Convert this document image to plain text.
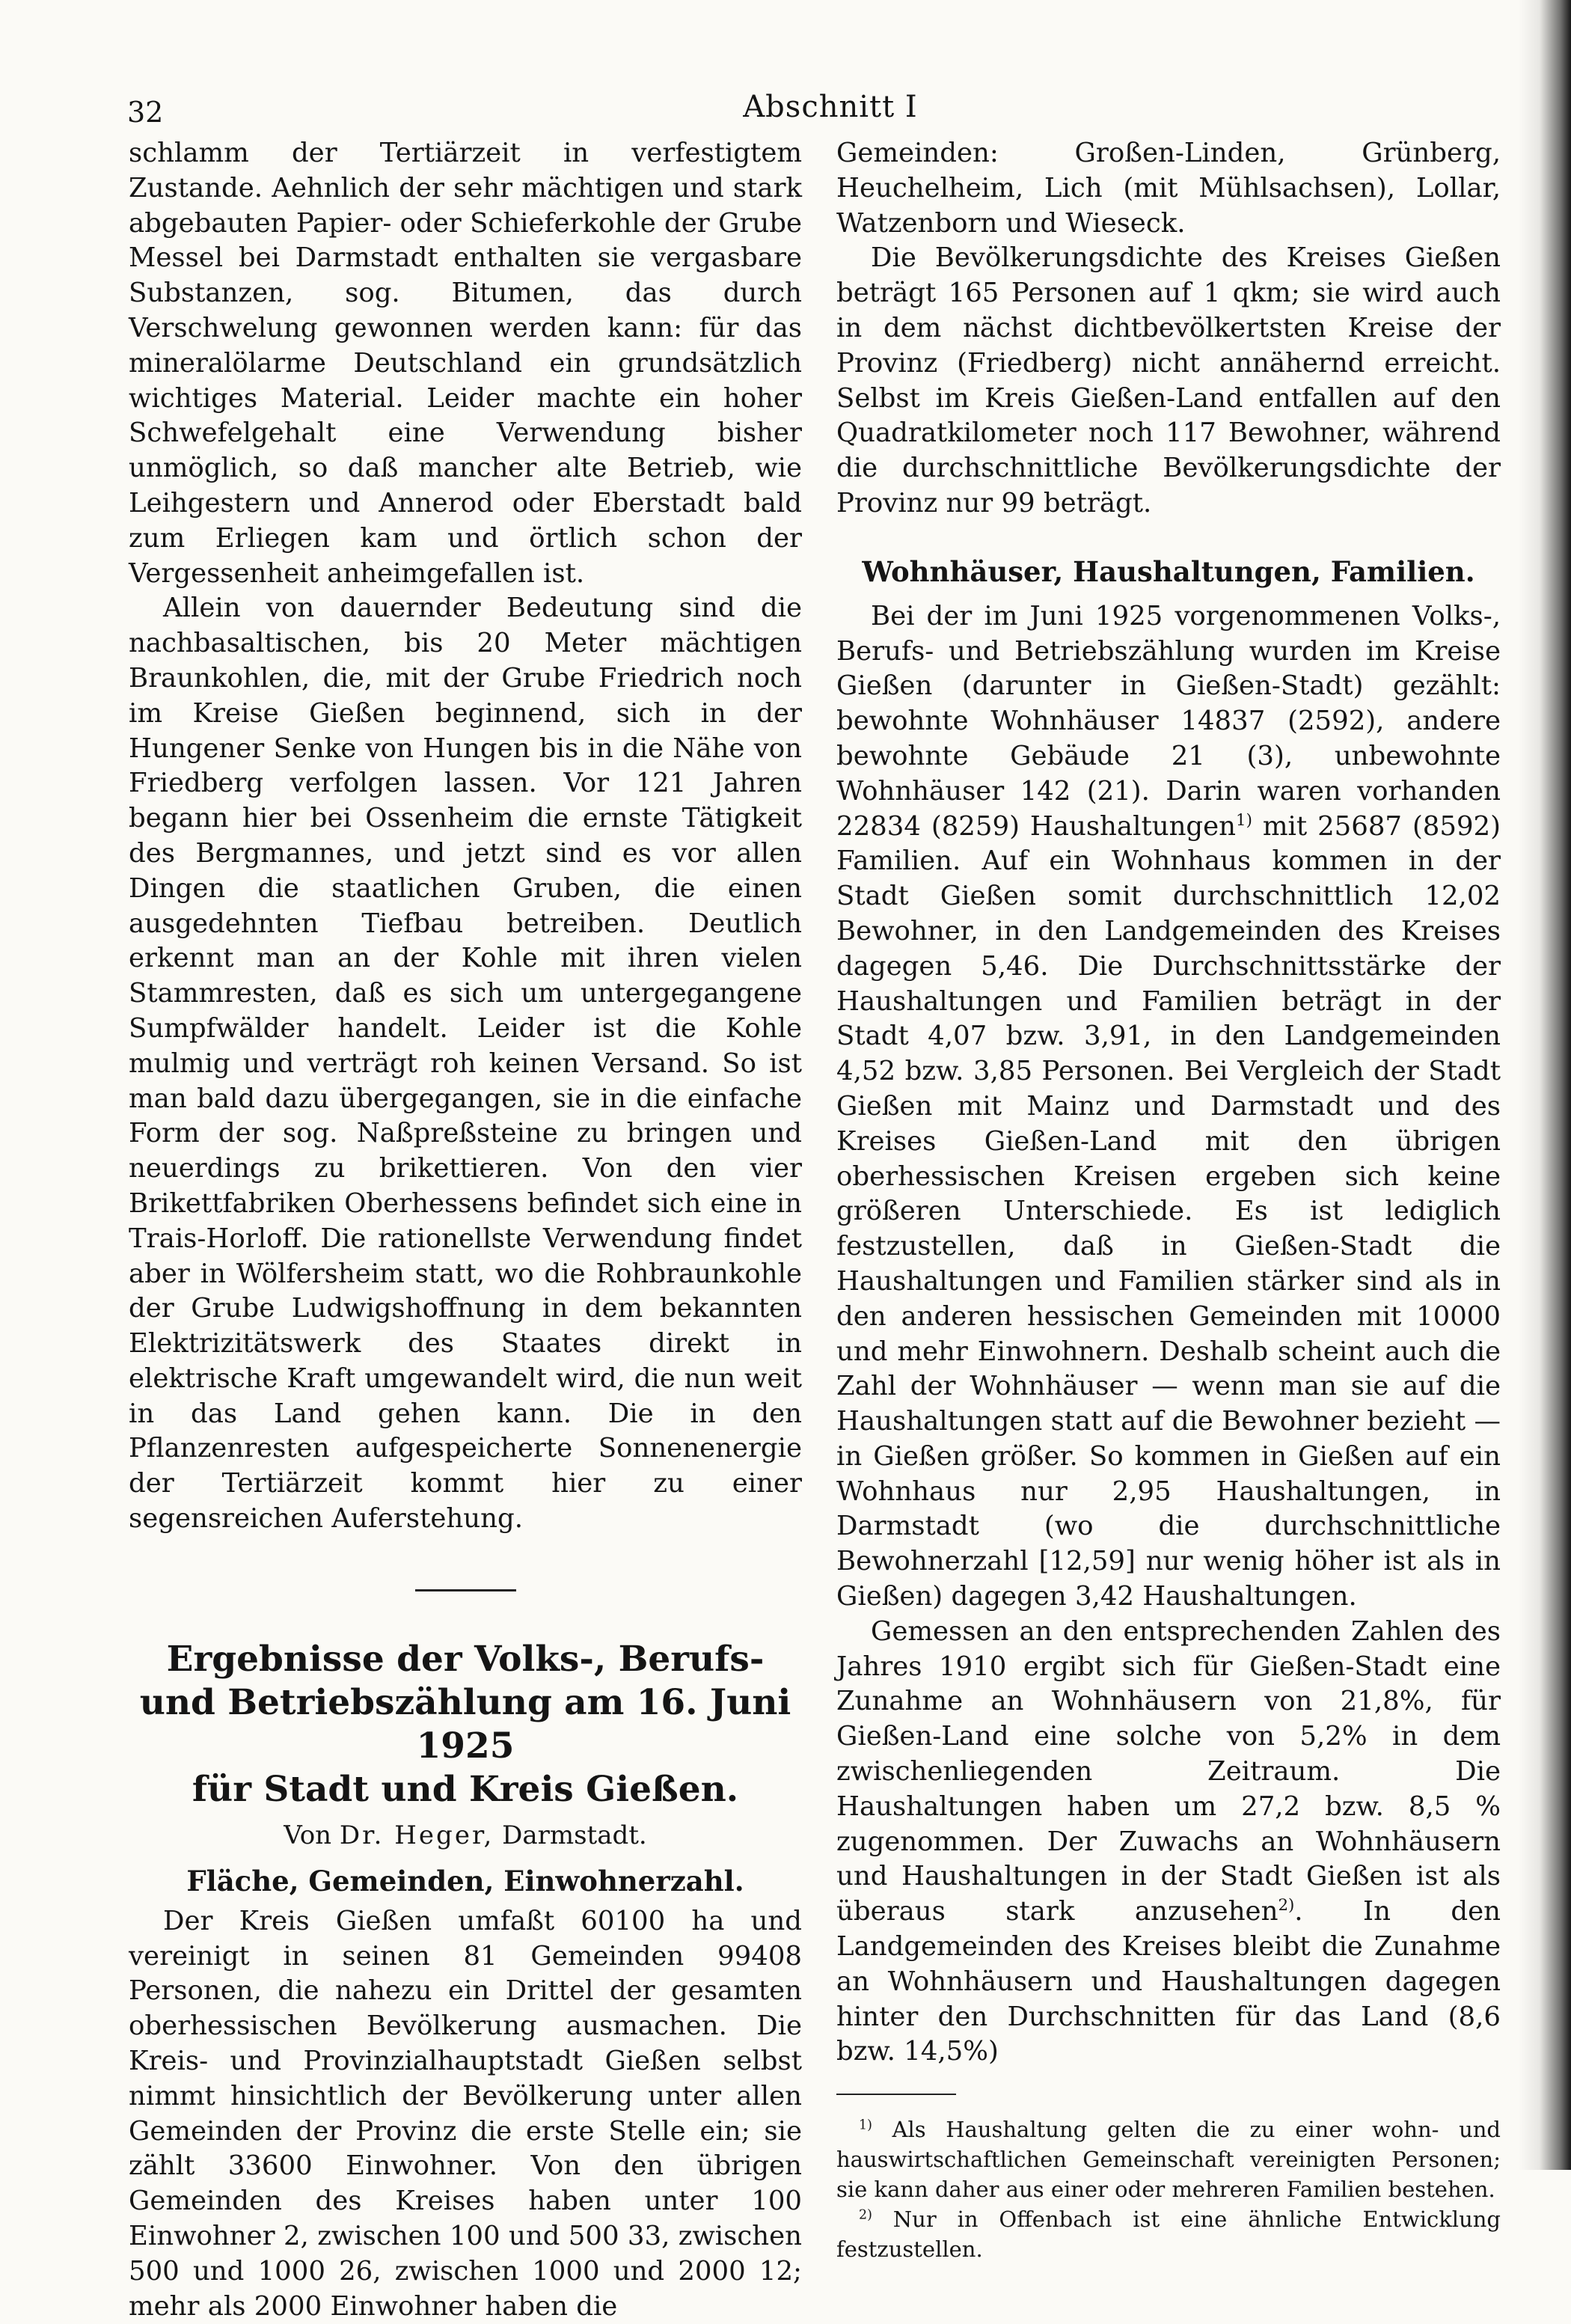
32	Abschnitt I

schlamm der Tertiärzeit in verfestigtem Zustande. Aehnlich der sehr mächtigen und stark abgebauten Papier- oder Schieferkohle der Grube Messel bei Darmstadt enthalten sie vergasbare Substanzen, sog. Bitumen, das durch Verschwelung gewonnen werden kann: für das mineralölarme Deutschland ein grundsätzlich wichtiges Material. Leider machte ein hoher Schwefelgehalt eine Verwendung bisher unmöglich, so daß mancher alte Betrieb, wie Leihgestern und Annerod oder Eberstadt bald zum Erliegen kam und örtlich schon der Vergessenheit anheimgefallen ist.

Allein von dauernder Bedeutung sind die nachbasaltischen, bis 20 Meter mächtigen Braunkohlen, die, mit der Grube Friedrich noch im Kreise Gießen beginnend, sich in der Hungener Senke von Hungen bis in die Nähe von Friedberg verfolgen lassen. Vor 121 Jahren begann hier bei Ossenheim die ernste Tätigkeit des Bergmannes, und jetzt sind es vor allen Dingen die staatlichen Gruben, die einen ausgedehnten Tiefbau betreiben. Deutlich erkennt man an der Kohle mit ihren vielen Stammresten, daß es sich um untergegangene Sumpfwälder handelt. Leider ist die Kohle mulmig und verträgt roh keinen Versand. So ist man bald dazu übergegangen, sie in die einfache Form der sog. Naßpreßsteine zu bringen und neuerdings zu brikettieren. Von den vier Brikettfabriken Oberhessens befindet sich eine in Trais-Horloff. Die rationellste Verwendung findet aber in Wölfersheim statt, wo die Rohbraunkohle der Grube Ludwigshoffnung in dem bekannten Elektrizitätswerk des Staates direkt in elektrische Kraft umgewandelt wird, die nun weit in das Land gehen kann. Die in den Pflanzenresten aufgespeicherte Sonnenenergie der Tertiärzeit kommt hier zu einer segensreichen Auferstehung.

Ergebnisse der Volks-, Berufs-
und Betriebszählung am 16. Juni 1925
für Stadt und Kreis Gießen.
Von Dr. Heger, Darmstadt.
Fläche, Gemeinden, Einwohnerzahl.

Der Kreis Gießen umfaßt 60100 ha und vereinigt in seinen 81 Gemeinden 99408 Personen, die nahezu ein Drittel der gesamten oberhessischen Bevölkerung ausmachen. Die Kreis- und Provinzialhauptstadt Gießen selbst nimmt hinsichtlich der Bevölkerung unter allen Gemeinden der Provinz die erste Stelle ein; sie zählt 33600 Einwohner. Von den übrigen Gemeinden des Kreises haben unter 100 Einwohner 2, zwischen 100 und 500 33, zwischen 500 und 1000 26, zwischen 1000 und 2000 12; mehr als 2000 Einwohner haben die

Gemeinden: Großen-Linden, Grünberg, Heuchelheim, Lich (mit Mühlsachsen), Lollar, Watzenborn und Wieseck.

Die Bevölkerungsdichte des Kreises Gießen beträgt 165 Personen auf 1 qkm; sie wird auch in dem nächst dichtbevölkertsten Kreise der Provinz (Friedberg) nicht annähernd erreicht. Selbst im Kreis Gießen-Land entfallen auf den Quadratkilometer noch 117 Bewohner, während die durchschnittliche Bevölkerungsdichte der Provinz nur 99 beträgt.

Wohnhäuser, Haushaltungen, Familien.

Bei der im Juni 1925 vorgenommenen Volks-, Berufs- und Betriebszählung wurden im Kreise Gießen (darunter in Gießen-Stadt) gezählt: bewohnte Wohnhäuser 14837 (2592), andere bewohnte Gebäude 21 (3), unbewohnte Wohnhäuser 142 (21). Darin waren vorhanden 22834 (8259) Haushaltungen$^{1)}$ mit 25687 (8592) Familien. Auf ein Wohnhaus kommen in der Stadt Gießen somit durchschnittlich 12,02 Bewohner, in den Landgemeinden des Kreises dagegen 5,46. Die Durchschnittsstärke der Haushaltungen und Familien beträgt in der Stadt 4,07 bzw. 3,91, in den Landgemeinden 4,52 bzw. 3,85 Personen. Bei Vergleich der Stadt Gießen mit Mainz und Darmstadt und des Kreises Gießen-Land mit den übrigen oberhessischen Kreisen ergeben sich keine größeren Unterschiede. Es ist lediglich festzustellen, daß in Gießen-Stadt die Haushaltungen und Familien stärker sind als in den anderen hessischen Gemeinden mit 10000 und mehr Einwohnern. Deshalb scheint auch die Zahl der Wohnhäuser — wenn man sie auf die Haushaltungen statt auf die Bewohner bezieht — in Gießen größer. So kommen in Gießen auf ein Wohnhaus nur 2,95 Haushaltungen, in Darmstadt (wo die durchschnittliche Bewohnerzahl [12,59] nur wenig höher ist als in Gießen) dagegen 3,42 Haushaltungen.

Gemessen an den entsprechenden Zahlen des Jahres 1910 ergibt sich für Gießen-Stadt eine Zunahme an Wohnhäusern von 21,8%, für Gießen-Land eine solche von 5,2% in dem zwischenliegenden Zeitraum. Die Haushaltungen haben um 27,2 bzw. 8,5 % zugenommen. Der Zuwachs an Wohnhäusern und Haushaltungen in der Stadt Gießen ist als überaus stark anzusehen$^{2)}$. In den Landgemeinden des Kreises bleibt die Zunahme an Wohnhäusern und Haushaltungen dagegen hinter den Durchschnitten für das Land (8,6 bzw. 14,5%)

$^{1)}$ Als Haushaltung gelten die zu einer wohn- und hauswirtschaftlichen Gemeinschaft vereinigten Personen; sie kann daher aus einer oder mehreren Familien bestehen.

$^{2)}$ Nur in Offenbach ist eine ähnliche Entwicklung festzustellen.
